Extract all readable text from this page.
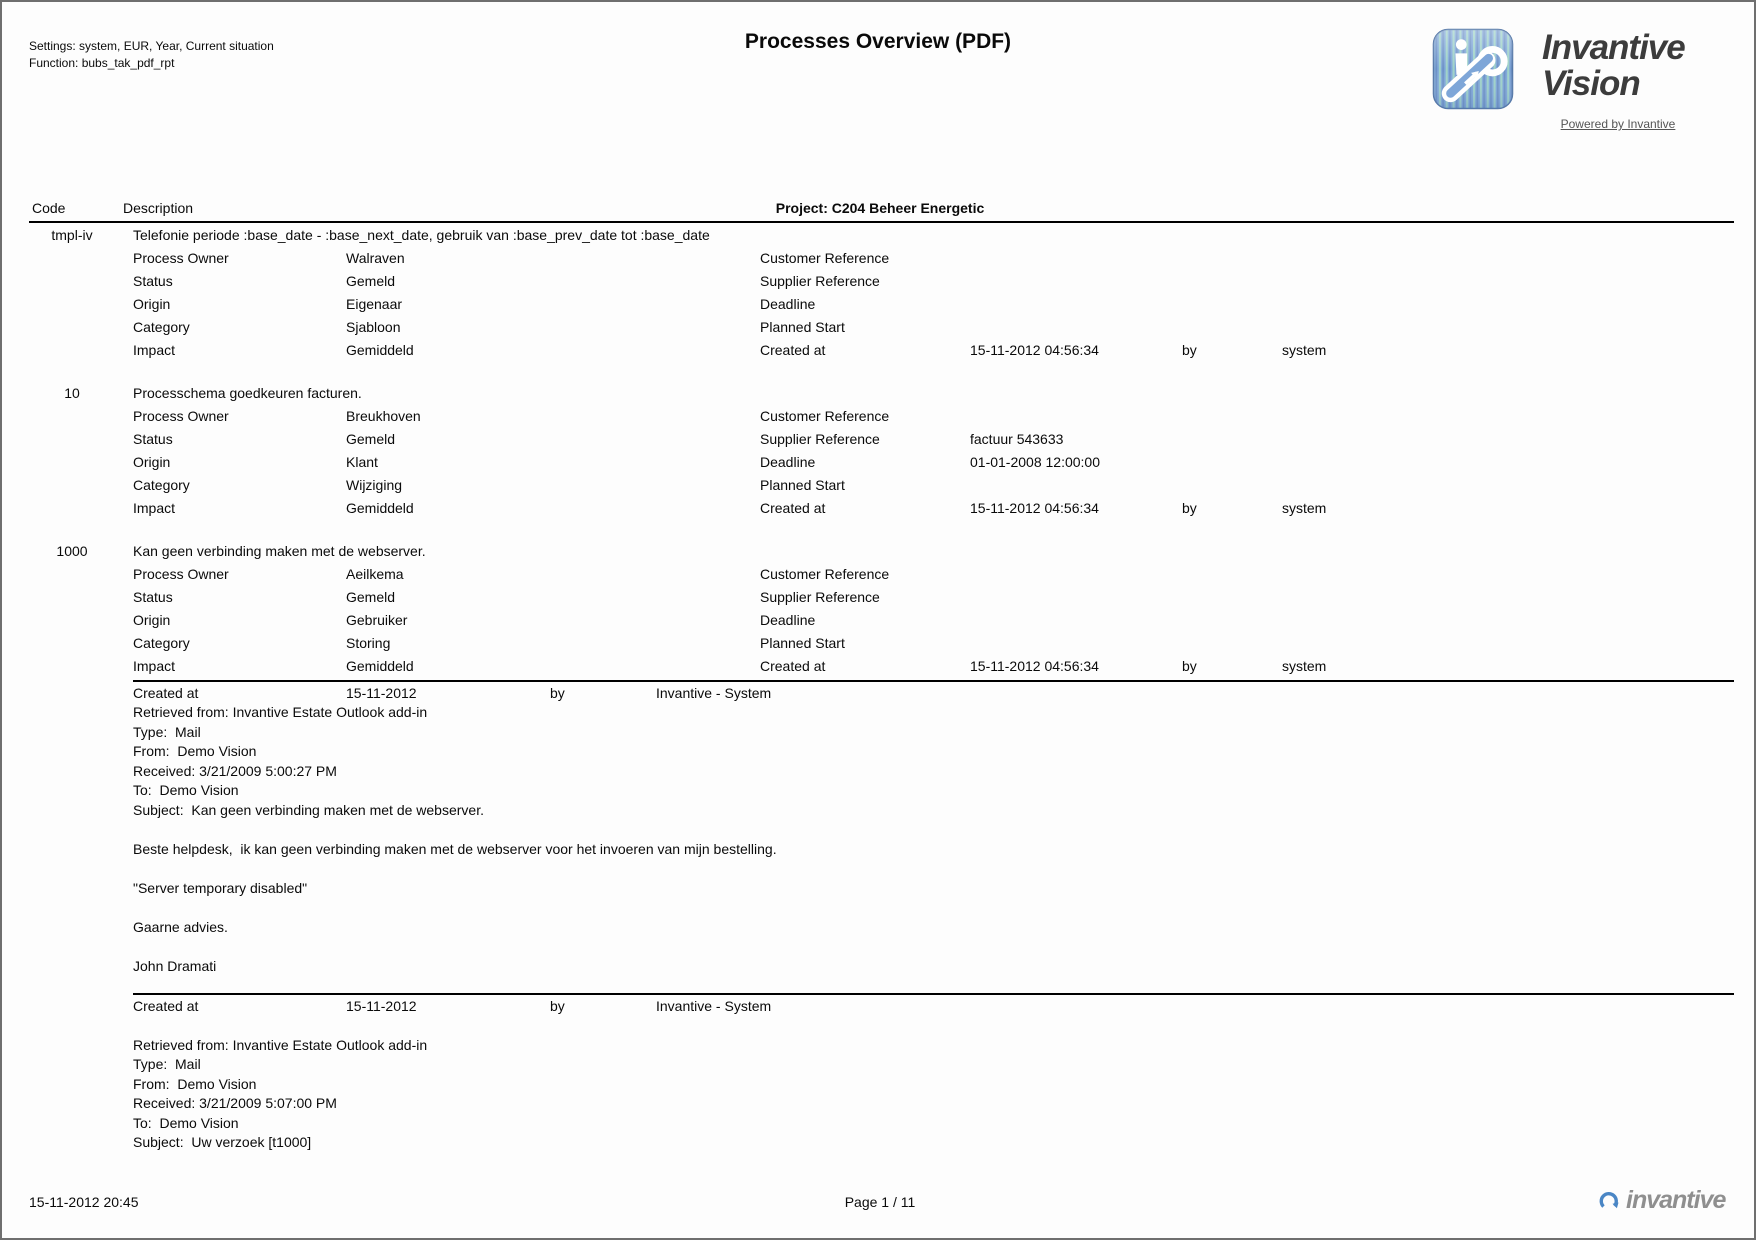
Settings: system, EUR, Year, Current situation
Function: bubs_tak_pdf_rpt
Processes Overview (PDF)	Invantive
Vision
Powered by Invantive
Code	Description	Project: C204 Beheer Energetic
tmpl-iv	Telefonie periode :base_date - :base_next_date, gebruik van :base_prev_date tot :base_date
Process Owner	Walraven	Customer Reference
Status	Gemeld	Supplier Reference
Origin	Eigenaar	Deadline
Category	Sjabloon	Planned Start
Impact	Gemiddeld	Created at	15-11-2012 04:56:34	by	system
10	Processchema goedkeuren facturen.
Process Owner	Breukhoven	Customer Reference
Status	Gemeld	Supplier Reference	factuur 543633
Origin	Klant	Deadline	01-01-2008 12:00:00
Category	Wijziging	Planned Start
Impact	Gemiddeld	Created at	15-11-2012 04:56:34	by	system
1000	Kan geen verbinding maken met de webserver.
Process Owner	Aeilkema	Customer Reference
Status	Gemeld	Supplier Reference
Origin	Gebruiker	Deadline
Category	Storing	Planned Start
Impact	Gemiddeld	Created at	15-11-2012 04:56:34	by	system
Created at	15-11-2012	by	Invantive - System
Retrieved from: Invantive Estate Outlook add-in
Type:  Mail
From:  Demo Vision
Received: 3/21/2009 5:00:27 PM
To:  Demo Vision
Subject:  Kan geen verbinding maken met de webserver.
Beste helpdesk,  ik kan geen verbinding maken met de webserver voor het invoeren van mijn bestelling.
"Server temporary disabled"
Gaarne advies.
John Dramati
Created at	15-11-2012	by	Invantive - System
Retrieved from: Invantive Estate Outlook add-in
Type:  Mail
From:  Demo Vision
Received: 3/21/2009 5:07:00 PM
To:  Demo Vision
Subject:  Uw verzoek [t1000]
15-11-2012 20:45	Page 1 / 11	invantive
